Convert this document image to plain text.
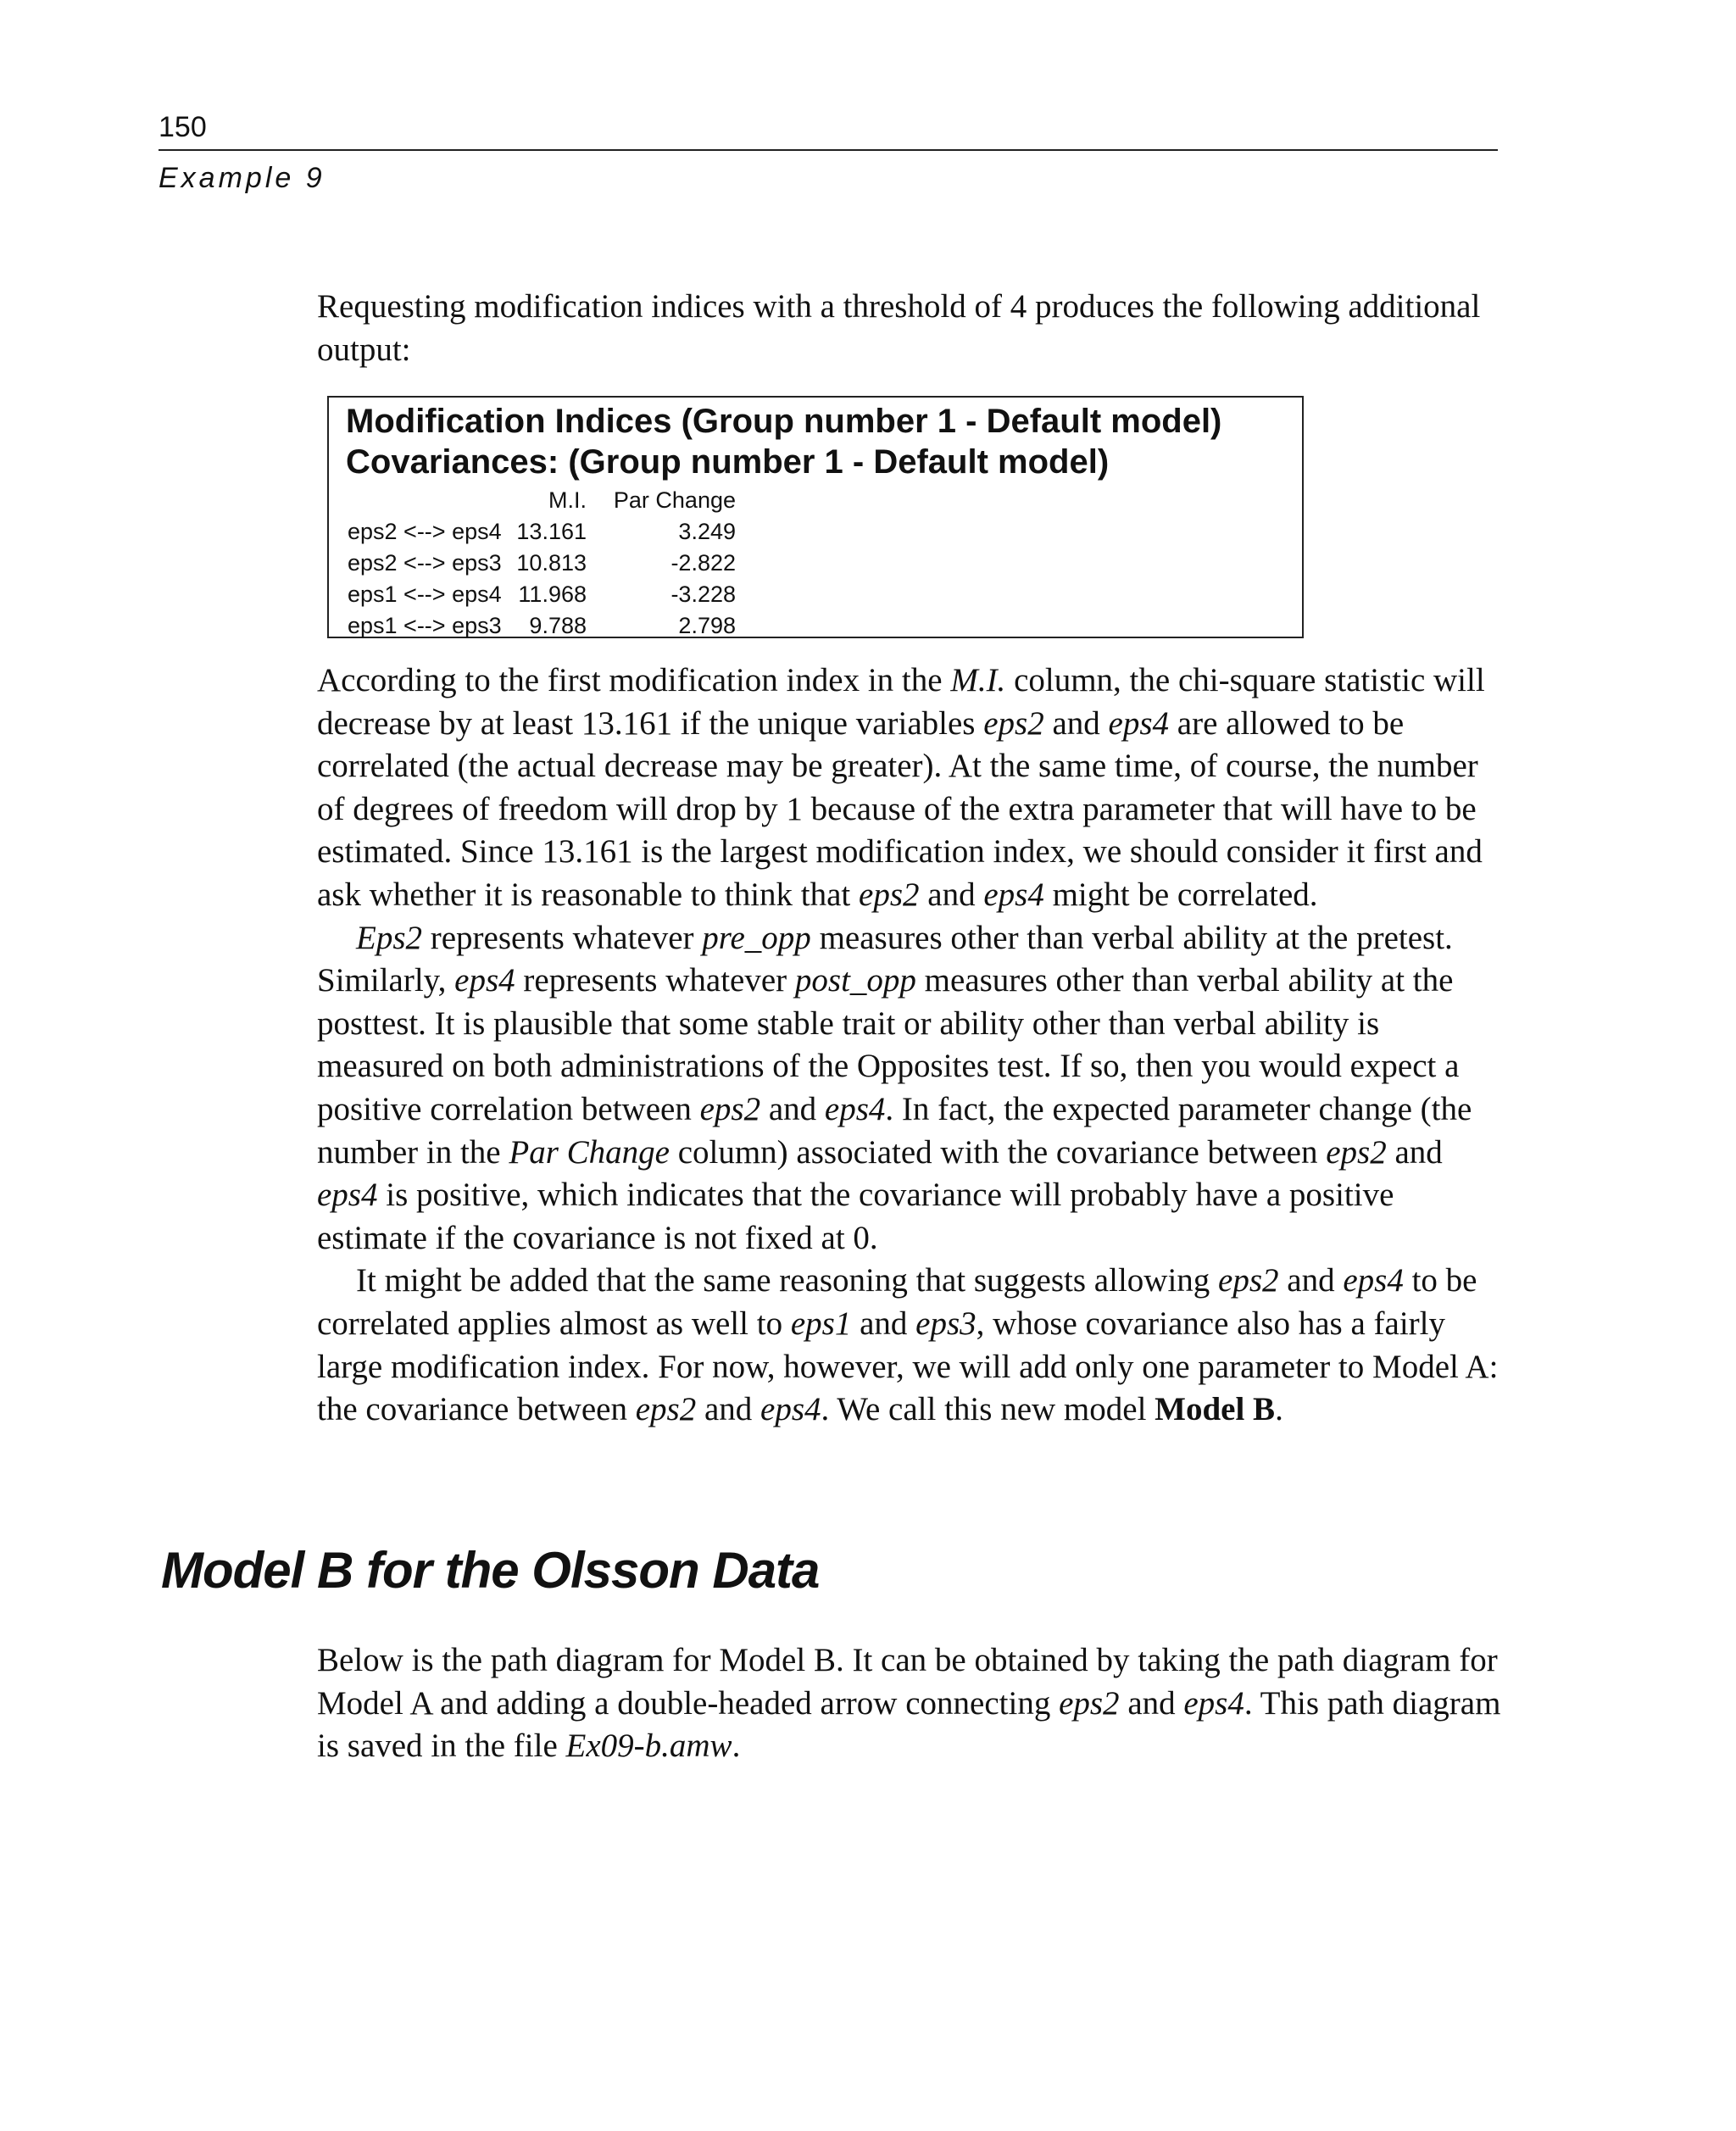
150
Example 9

Requesting modification indices with a threshold of 4 produces the following additional output:

Modification Indices (Group number 1 - Default model)
Covariances: (Group number 1 - Default model)
M.I.	Par Change
eps2 <--> eps4 13.161	3.249
eps2 <--> eps3 10.813	-2.822
eps1 <--> eps4 11.968	-3.228
eps1 <--> eps3	9.788	2.798

According to the first modification index in the M.I. column, the chi-square statistic will decrease by at least 13.161 if the unique variables eps2 and eps4 are allowed to be correlated (the actual decrease may be greater). At the same time, of course, the number of degrees of freedom will drop by 1 because of the extra parameter that will have to be estimated. Since 13.161 is the largest modification index, we should consider it first and ask whether it is reasonable to think that eps2 and eps4 might be correlated.

Eps2 represents whatever pre_opp measures other than verbal ability at the pretest. Similarly, eps4 represents whatever post_opp measures other than verbal ability at the posttest. It is plausible that some stable trait or ability other than verbal ability is measured on both administrations of the Opposites test. If so, then you would expect a positive correlation between eps2 and eps4. In fact, the expected parameter change (the number in the Par Change column) associated with the covariance between eps2 and eps4 is positive, which indicates that the covariance will probably have a positive estimate if the covariance is not fixed at 0.

It might be added that the same reasoning that suggests allowing eps2 and eps4 to be correlated applies almost as well to eps1 and eps3, whose covariance also has a fairly large modification index. For now, however, we will add only one parameter to Model A: the covariance between eps2 and eps4. We call this new model Model B.

Model B for the Olsson Data

Below is the path diagram for Model B. It can be obtained by taking the path diagram for Model A and adding a double-headed arrow connecting eps2 and eps4. This path diagram is saved in the file Ex09-b.amw.
